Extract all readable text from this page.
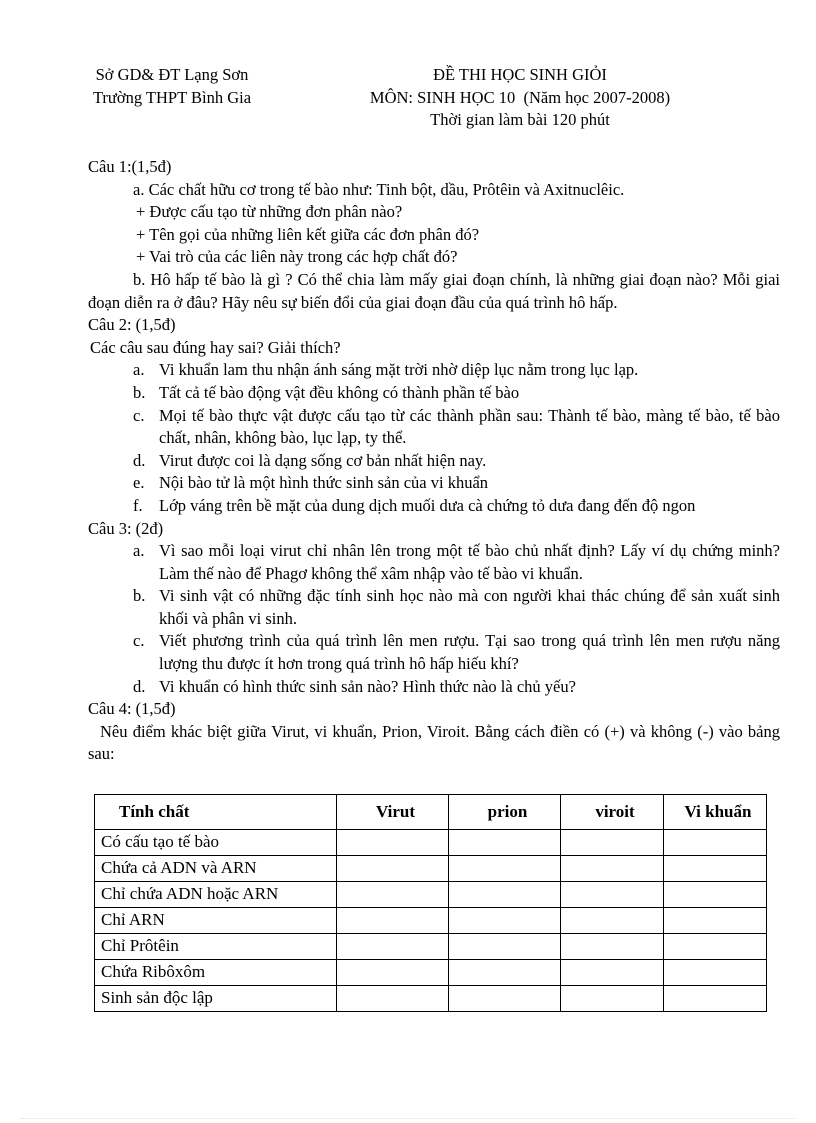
Sở GD& ĐT Lạng Sơn
Trường THPT Bình Gia
ĐỀ THI HỌC SINH GIỎI
MÔN: SINH HỌC 10  (Năm học 2007-2008)
Thời gian làm bài 120 phút
Câu 1:(1,5đ)
a. Các chất hữu cơ trong tế bào như: Tinh bột, dầu, Prôtêin và Axitnuclêic.
+ Được cấu tạo từ những đơn phân nào?
+ Tên gọi của những liên kết giữa các đơn phân đó?
+ Vai trò của các liên này trong các hợp chất đó?
b. Hô hấp tế bào là gì ? Có thể chia làm mấy giai đoạn chính, là những giai đoạn nào? Mỗi giai đoạn diễn ra ở đâu? Hãy nêu sự biến đổi của giai đoạn đầu của quá trình hô hấp.
Câu 2: (1,5đ)
Các câu sau đúng hay sai? Giải thích?
a. Vi khuẩn lam thu nhận ánh sáng mặt trời nhờ diệp lục nằm trong lục lạp.
b. Tất cả tế bào động vật đều không có thành phần tế bào
c. Mọi tế bào thực vật được cấu tạo từ các thành phần sau: Thành tế bào, màng tế bào, tế bào chất, nhân, không bào, lục lạp, ty thể.
d. Virut được coi là dạng sống cơ bản nhất hiện nay.
e. Nội bào tử là một hình thức sinh sản của vi khuẩn
f. Lớp váng trên bề mặt của dung dịch muối dưa cà chứng tỏ dưa đang đến độ ngon
Câu 3: (2đ)
a. Vì sao mỗi loại virut chỉ nhân lên trong một tế bào chủ nhất định? Lấy ví dụ chứng minh?Làm thế nào để Phagơ không thể xâm nhập vào tế bào vi khuẩn.
b. Vi sinh vật có những đặc tính sinh học nào mà con người khai thác chúng để sản xuất sinh khối và phân vi sinh.
c. Viết phương trình của quá trình lên men rượu. Tại sao trong quá trình lên men rượu năng lượng thu được ít hơn trong quá trình hô hấp hiếu khí?
d. Vi khuẩn có hình thức sinh sản nào? Hình thức nào là chủ yếu?
Câu 4: (1,5đ)
Nêu điểm khác biệt giữa Virut, vi khuẩn, Prion, Viroit. Bằng cách điền có (+) và không (-) vào bảng sau:
Tính chất	Virut	prion	viroit	Vi khuẩn
Có cấu tạo tế bào				
Chứa cả ADN và ARN				
Chỉ chứa ADN hoặc ARN				
Chỉ ARN				
Chỉ Prôtêin				
Chứa Ribôxôm				
Sinh sản độc lập				
